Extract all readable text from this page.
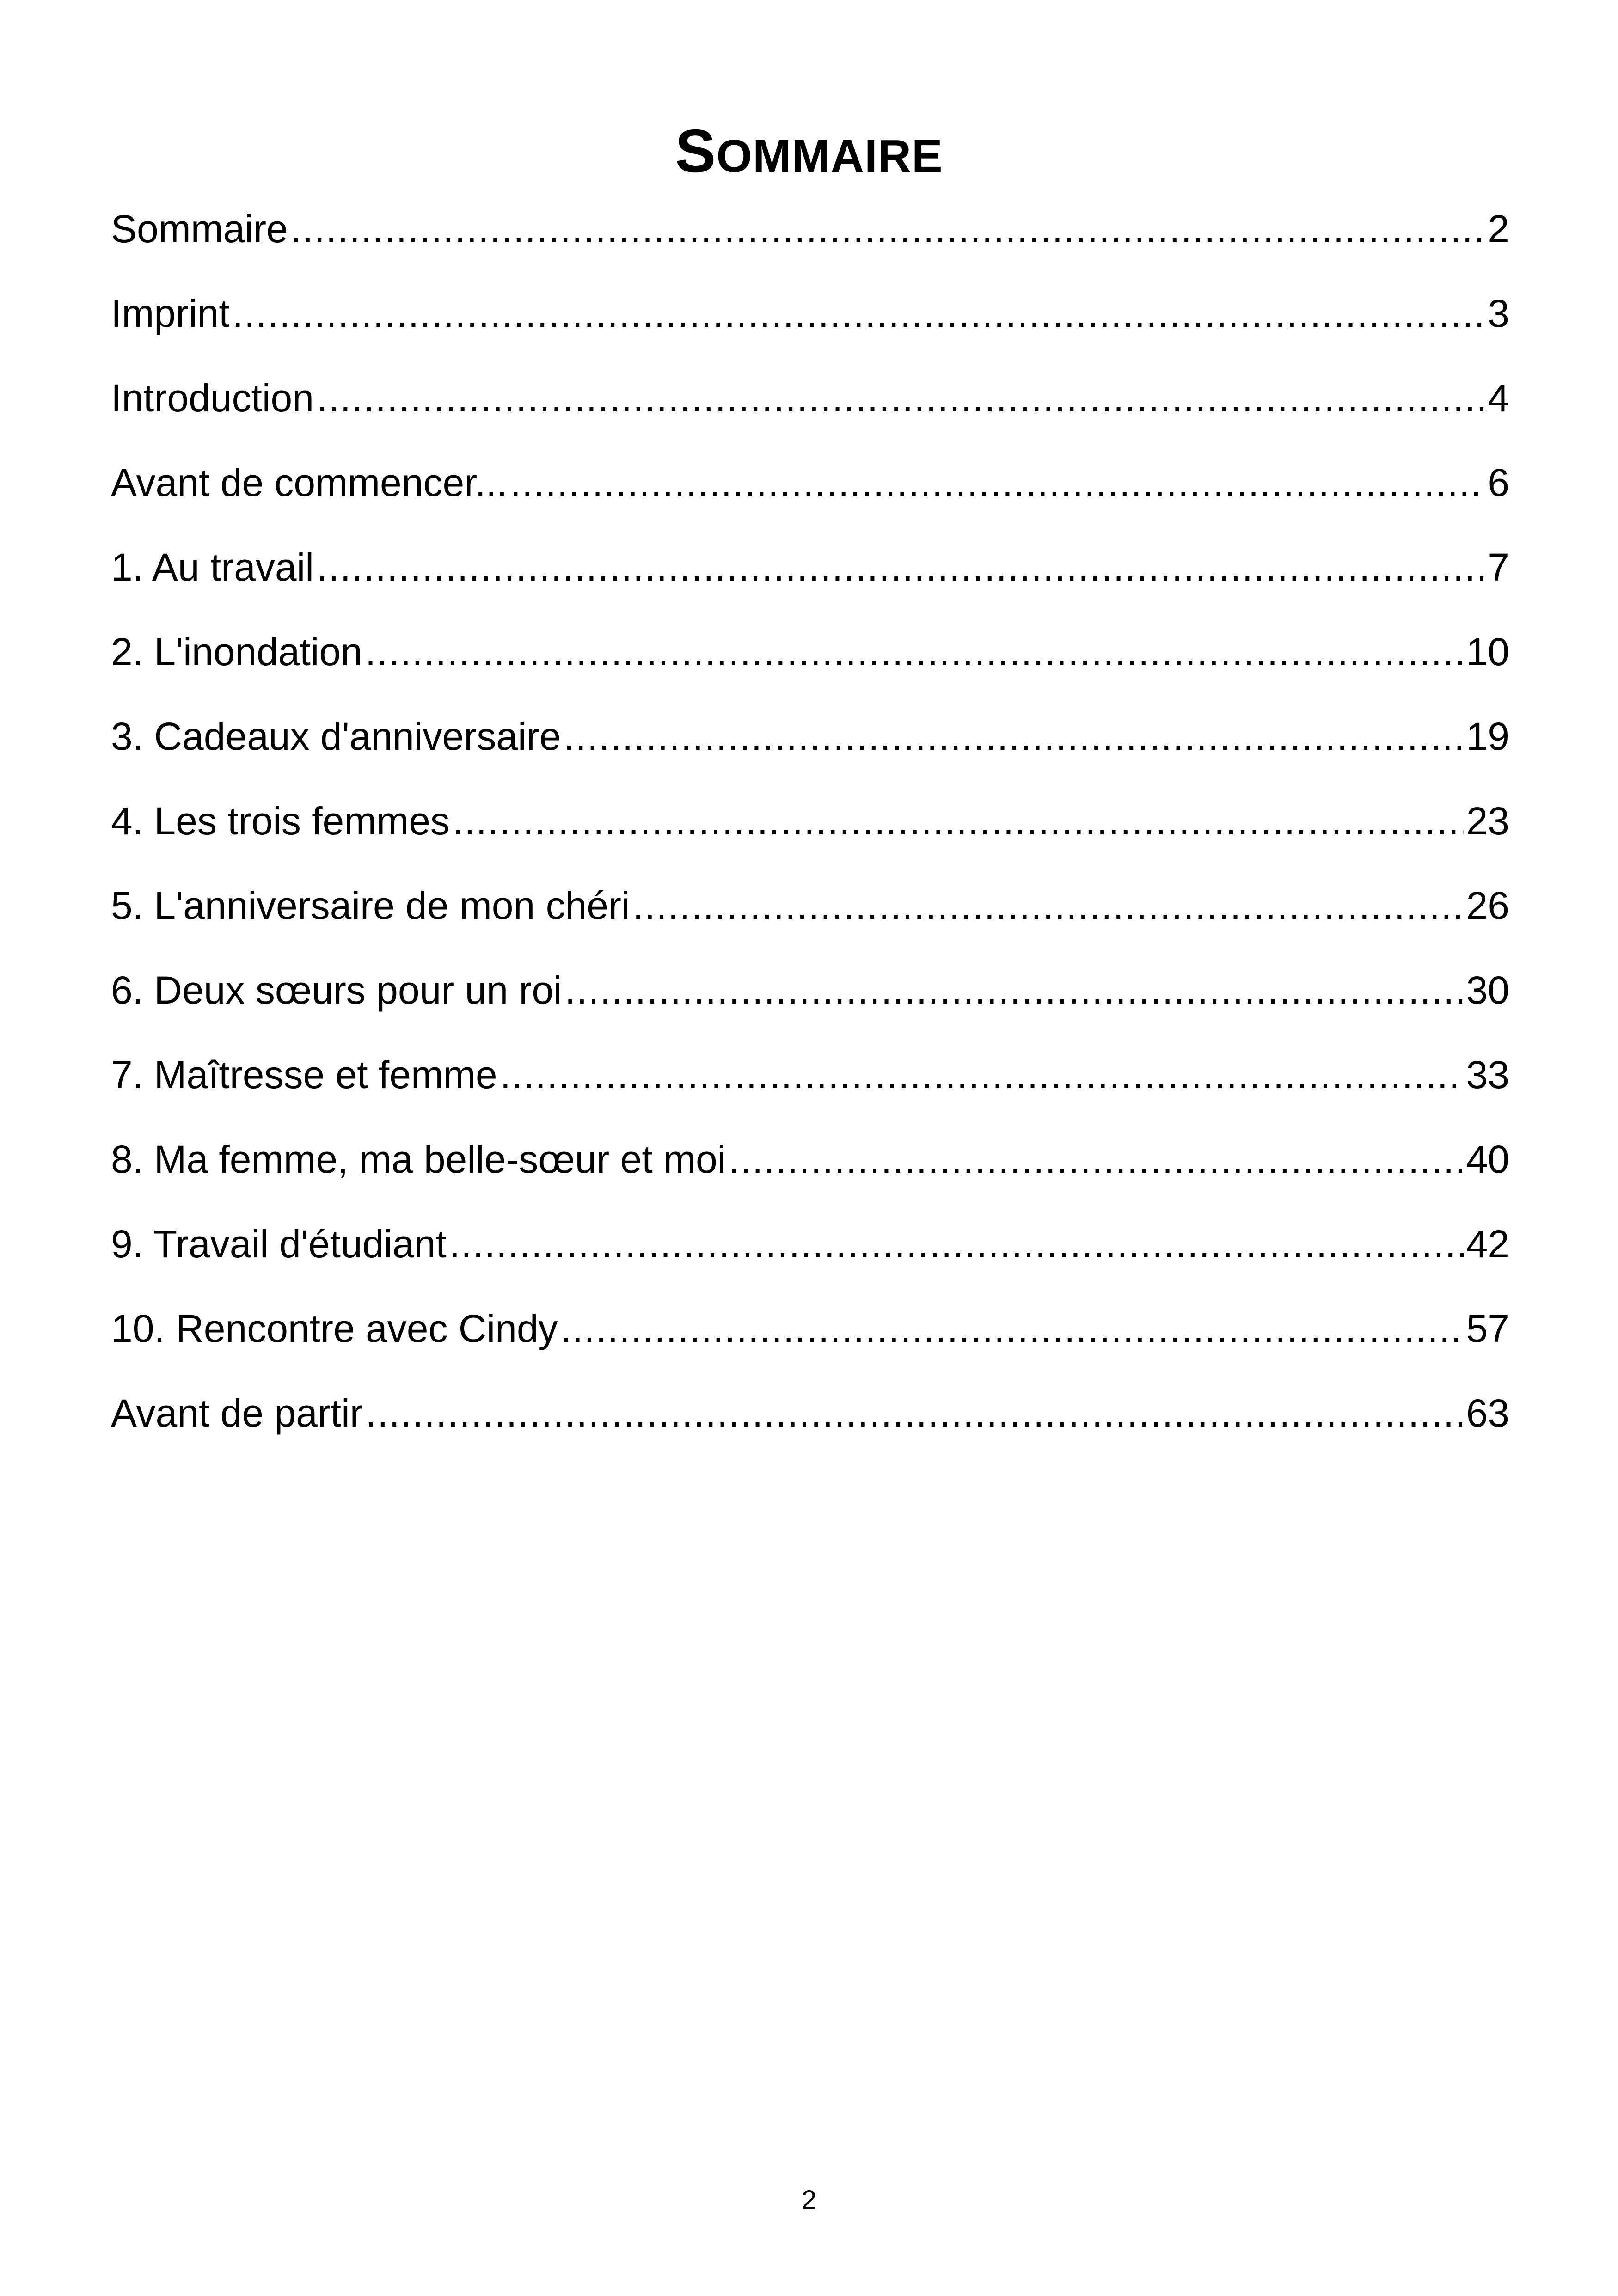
SOMMAIRE
Sommaire .....	2
Imprint .....	3
Introduction .....	4
Avant de commencer... .....	6
1. Au travail .....	7
2. L'inondation .....	10
3. Cadeaux d'anniversaire .....	19
4. Les trois femmes .....	23
5. L'anniversaire de mon chéri .....	26
6. Deux sœurs pour un roi .....	30
7. Maîtresse et femme .....	33
8. Ma femme, ma belle-sœur et moi .....	40
9. Travail d'étudiant .....	42
10. Rencontre avec Cindy .....	57
Avant de partir .....	63
2
